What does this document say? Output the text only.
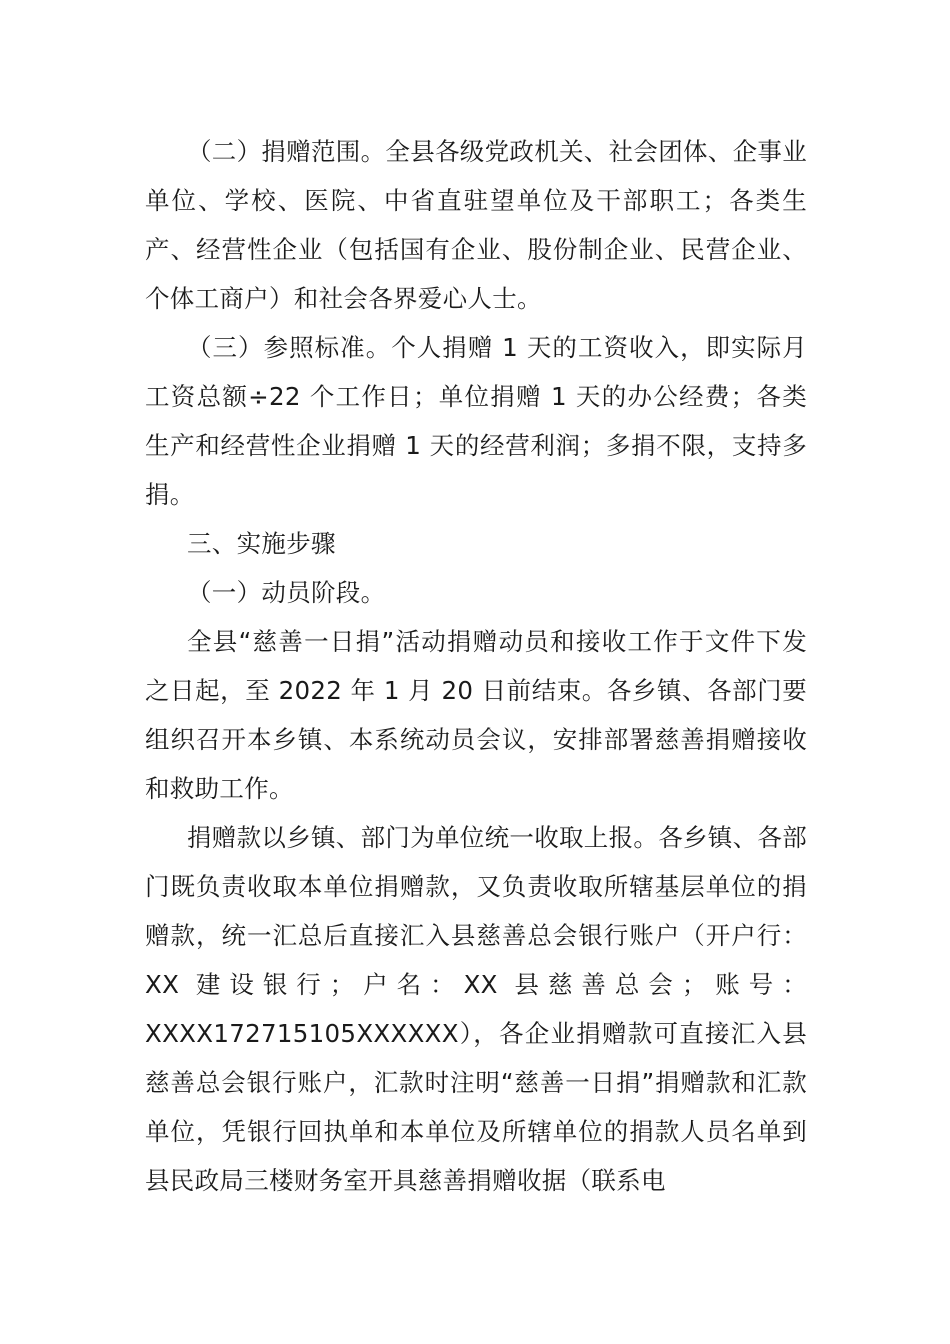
（二）捐赠范围。全县各级党政机关、社会团体、企事业单位、学校、医院、中省直驻望单位及干部职工；各类生产、经营性企业（包括国有企业、股份制企业、民营企业、个体工商户）和社会各界爱心人士。

（三）参照标准。个人捐赠 1 天的工资收入，即实际月工资总额÷22 个工作日；单位捐赠 1 天的办公经费；各类生产和经营性企业捐赠 1 天的经营利润；多捐不限，支持多捐。

三、实施步骤

（一）动员阶段。

全县“慈善一日捐”活动捐赠动员和接收工作于文件下发之日起，至 2022 年 1 月 20 日前结束。各乡镇、各部门要组织召开本乡镇、本系统动员会议，安排部署慈善捐赠接收和救助工作。

捐赠款以乡镇、部门为单位统一收取上报。各乡镇、各部门既负责收取本单位捐赠款，又负责收取所辖基层单位的捐赠款，统一汇总后直接汇入县慈善总会银行账户（开户行：XX 建设银行；户名：XX 县慈善总会；账号：XXXX172715105XXXXXX），各企业捐赠款可直接汇入县慈善总会银行账户，汇款时注明“慈善一日捐”捐赠款和汇款单位，凭银行回执单和本单位及所辖单位的捐款人员名单到县民政局三楼财务室开具慈善捐赠收据（联系电
